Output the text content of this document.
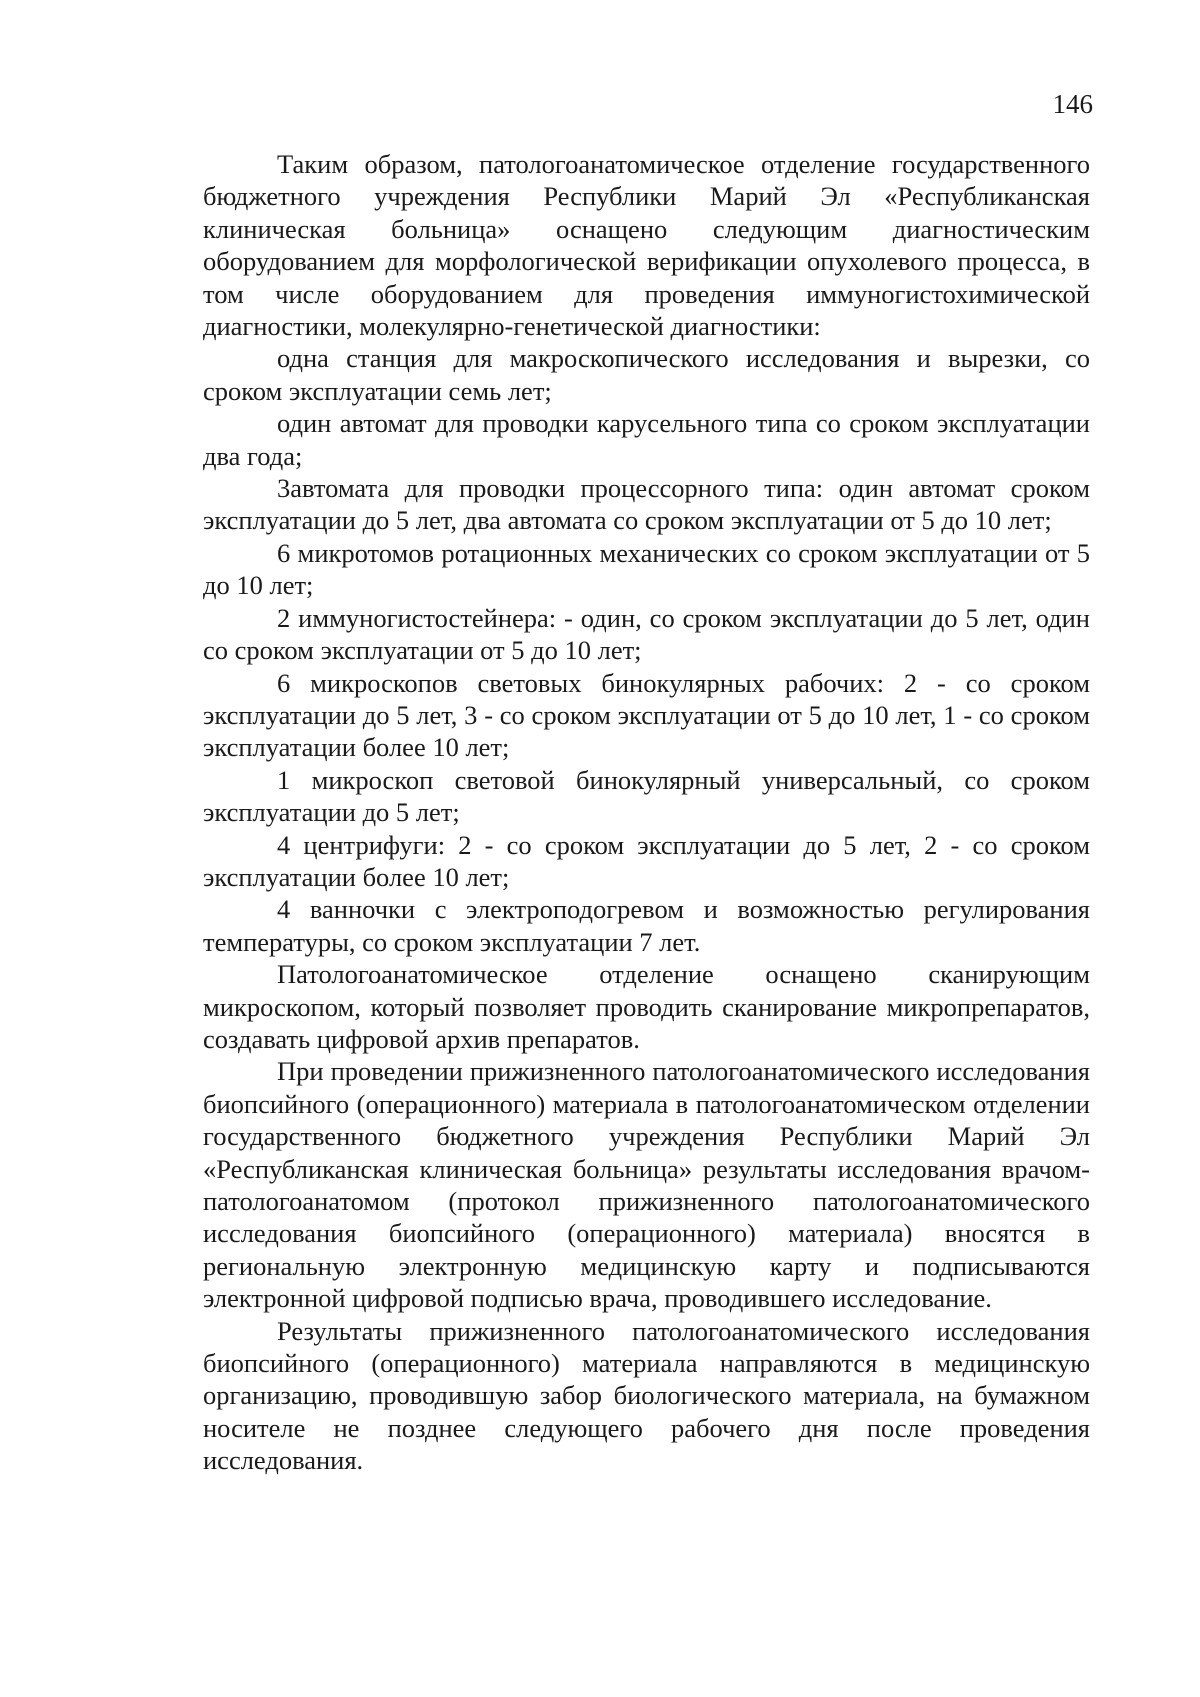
146

Таким образом, патологоанатомическое отделение государственного бюджетного учреждения Республики Марий Эл «Республиканская клиническая больница» оснащено следующим диагностическим оборудованием для морфологической верификации опухолевого процесса, в том числе оборудованием для проведения иммуногистохимической диагностики, молекулярно-генетической диагностики:

одна станция для макроскопического исследования и вырезки, со сроком эксплуатации семь лет;

один автомат для проводки карусельного типа со сроком эксплуатации два года;

3автомата для проводки процессорного типа: один автомат сроком эксплуатации до 5 лет, два автомата со сроком эксплуатации от 5 до 10 лет;

6 микротомов ротационных механических со сроком эксплуатации от 5 до 10 лет;

2 иммуногистостейнера: - один, со сроком эксплуатации до 5 лет, один со сроком эксплуатации от 5 до 10 лет;

6 микроскопов световых бинокулярных рабочих: 2 - со сроком эксплуатации до 5 лет, 3 - со сроком эксплуатации от 5 до 10 лет, 1 - со сроком эксплуатации более 10 лет;

1 микроскоп световой бинокулярный универсальный, со сроком эксплуатации до 5 лет;

4 центрифуги: 2 - со сроком эксплуатации до 5 лет, 2 - со сроком эксплуатации более 10 лет;

4 ванночки с электроподогревом и возможностью регулирования температуры, со сроком эксплуатации 7 лет.

Патологоанатомическое отделение оснащено сканирующим микроскопом, который позволяет проводить сканирование микропрепаратов, создавать цифровой архив препаратов.

При проведении прижизненного патологоанатомического исследования биопсийного (операционного) материала в патологоанатомическом отделении государственного бюджетного учреждения Республики Марий Эл «Республиканская клиническая больница» результаты исследования врачом-патологоанатомом (протокол прижизненного патологоанатомического исследования биопсийного (операционного) материала) вносятся в региональную электронную медицинскую карту и подписываются электронной цифровой подписью врача, проводившего исследование.

Результаты прижизненного патологоанатомического исследования биопсийного (операционного) материала направляются в медицинскую организацию, проводившую забор биологического материала, на бумажном носителе не позднее следующего рабочего дня после проведения исследования.
